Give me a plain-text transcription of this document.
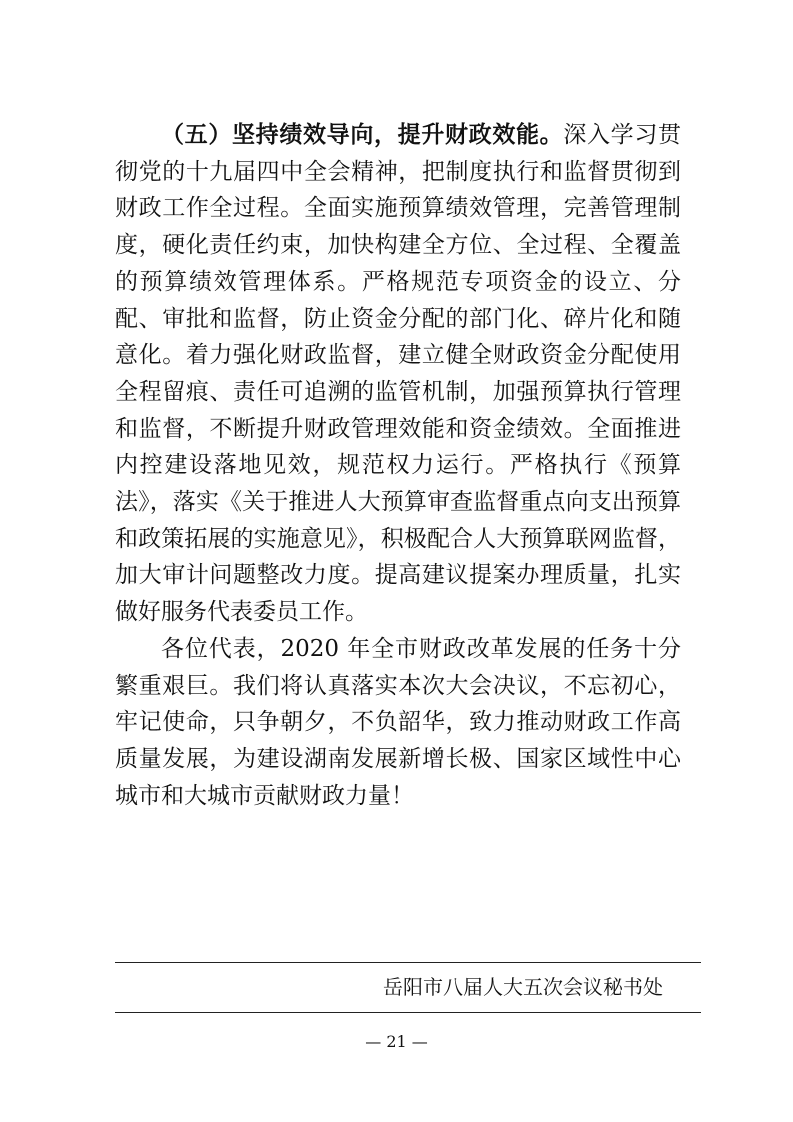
（五）坚持绩效导向，提升财政效能。深入学习贯彻党的十九届四中全会精神，把制度执行和监督贯彻到财政工作全过程。全面实施预算绩效管理，完善管理制度，硬化责任约束，加快构建全方位、全过程、全覆盖的预算绩效管理体系。严格规范专项资金的设立、分配、审批和监督，防止资金分配的部门化、碎片化和随意化。着力强化财政监督，建立健全财政资金分配使用全程留痕、责任可追溯的监管机制，加强预算执行管理和监督，不断提升财政管理效能和资金绩效。全面推进内控建设落地见效，规范权力运行。严格执行《预算法》，落实《关于推进人大预算审查监督重点向支出预算和政策拓展的实施意见》，积极配合人大预算联网监督，加大审计问题整改力度。提高建议提案办理质量，扎实做好服务代表委员工作。

各位代表，2020 年全市财政改革发展的任务十分繁重艰巨。我们将认真落实本次大会决议，不忘初心，牢记使命，只争朝夕，不负韶华，致力推动财政工作高质量发展，为建设湖南发展新增长极、国家区域性中心城市和大城市贡献财政力量！

岳阳市八届人大五次会议秘书处
— 21 —
